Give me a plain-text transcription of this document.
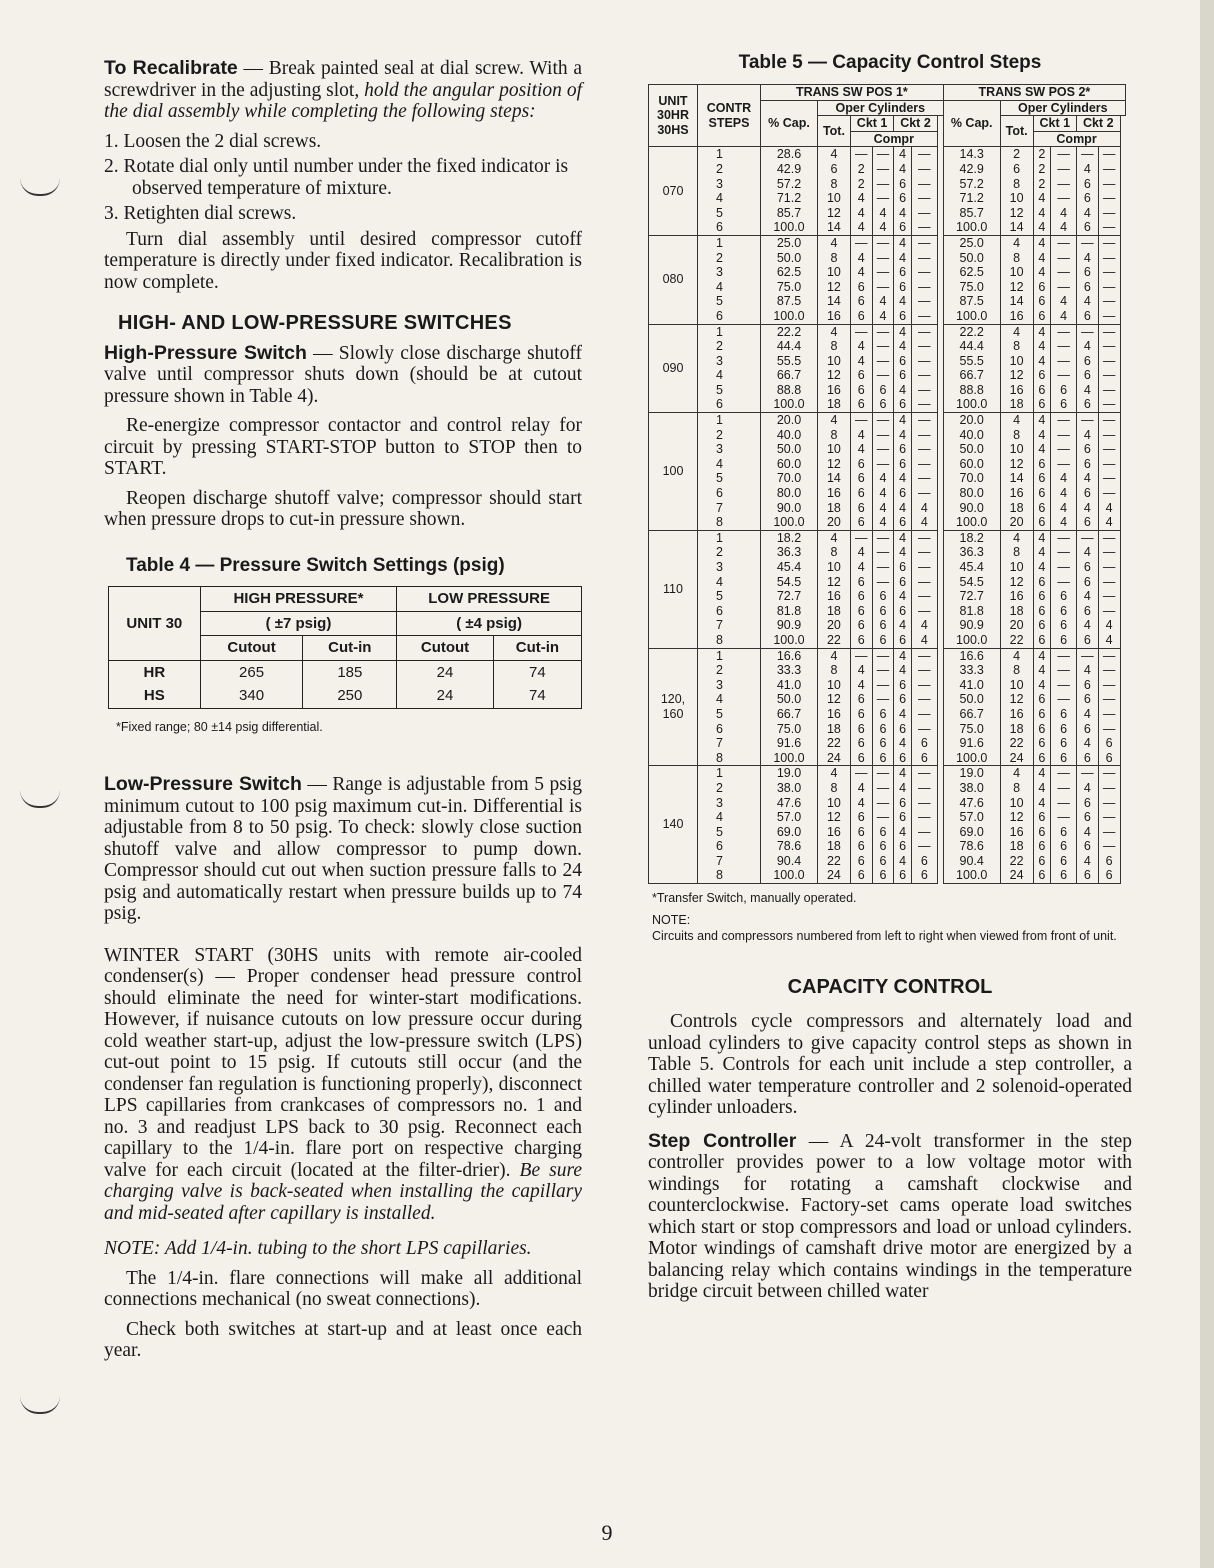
To Recalibrate — Break painted seal at dial screw. With a screwdriver in the adjusting slot, hold the angular position of the dial assembly while completing the following steps:

1. Loosen the 2 dial screws.

2. Rotate dial only until number under the fixed indicator is observed temperature of mixture.

3. Retighten dial screws.

Turn dial assembly until desired compressor cutoff temperature is directly under fixed indicator. Recalibration is now complete.

HIGH- AND LOW-PRESSURE SWITCHES

High-Pressure Switch — Slowly close discharge shutoff valve until compressor shuts down (should be at cutout pressure shown in Table 4).

Re-energize compressor contactor and control relay for circuit by pressing START-STOP button to STOP then to START.

Reopen discharge shutoff valve; compressor should start when pressure drops to cut-in pressure shown.

Table 4 — Pressure Switch Settings (psig)
UNIT 30	HIGH PRESSURE*		LOW PRESSURE	
	( ±7 psig)		( ±4 psig)	
	Cutout	Cut-in	Cutout	Cut-in
HR	265	185	24	74
HS	340	250	24	74
*Fixed range; 80 ±14 psig differential.

Low-Pressure Switch — Range is adjustable from 5 psig minimum cutout to 100 psig maximum cut-in. Differential is adjustable from 8 to 50 psig. To check: slowly close suction shutoff valve and allow compressor to pump down. Compressor should cut out when suction pressure falls to 24 psig and automatically restart when pressure builds up to 74 psig.

WINTER START (30HS units with remote air-cooled condenser(s) — Proper condenser head pressure control should eliminate the need for winter-start modifications. However, if nuisance cutouts on low pressure occur during cold weather start-up, adjust the low-pressure switch (LPS) cut-out point to 15 psig. If cutouts still occur (and the condenser fan regulation is functioning properly), disconnect LPS capillaries from crankcases of compressors no. 1 and no. 3 and readjust LPS back to 30 psig. Reconnect each capillary to the 1/4-in. flare port on respective charging valve for each circuit (located at the filter-drier). Be sure charging valve is back-seated when installing the capillary and mid-seated after capillary is installed.

NOTE: Add 1/4-in. tubing to the short LPS capillaries.

The 1/4-in. flare connections will make all additional connections mechanical (no sweat connections).

Check both switches at start-up and at least once each year.

Table 5 — Capacity Control Steps
UNIT 30HR 30HS	CONTR STEPS	TRANS SW POS 1*							TRANS SW POS 2*						
		% Cap.	Oper Cylinders						% Cap.	Oper Cylinders					
			Tot.	Ckt 1		Ckt 2				Tot.	Ckt 1		Ckt 2		
				Compr							Compr				
070	1	28.6	4	—	—	4	—		14.3	2	2	—	—	—	
	2	42.9	6	2	—	4	—		42.9	6	2	—	4	—	
	3	57.2	8	2	—	6	—		57.2	8	2	—	6	—	
	4	71.2	10	4	—	6	—		71.2	10	4	—	6	—	
	5	85.7	12	4	4	4	—		85.7	12	4	4	4	—	
	6	100.0	14	4	4	6	—		100.0	14	4	4	6	—	
080	1	25.0	4	—	—	4	—		25.0	4	4	—	—	—	
	2	50.0	8	4	—	4	—		50.0	8	4	—	4	—	
	3	62.5	10	4	—	6	—		62.5	10	4	—	6	—	
	4	75.0	12	6	—	6	—		75.0	12	6	—	6	—	
	5	87.5	14	6	4	4	—		87.5	14	6	4	4	—	
	6	100.0	16	6	4	6	—		100.0	16	6	4	6	—	
090	1	22.2	4	—	—	4	—		22.2	4	4	—	—	—	
	2	44.4	8	4	—	4	—		44.4	8	4	—	4	—	
	3	55.5	10	4	—	6	—		55.5	10	4	—	6	—	
	4	66.7	12	6	—	6	—		66.7	12	6	—	6	—	
	5	88.8	16	6	6	4	—		88.8	16	6	6	4	—	
	6	100.0	18	6	6	6	—		100.0	18	6	6	6	—	
100	1	20.0	4	—	—	4	—		20.0	4	4	—	—	—	
	2	40.0	8	4	—	4	—		40.0	8	4	—	4	—	
	3	50.0	10	4	—	6	—		50.0	10	4	—	6	—	
	4	60.0	12	6	—	6	—		60.0	12	6	—	6	—	
	5	70.0	14	6	4	4	—		70.0	14	6	4	4	—	
	6	80.0	16	6	4	6	—		80.0	16	6	4	6	—	
	7	90.0	18	6	4	4	4		90.0	18	6	4	4	4	
	8	100.0	20	6	4	6	4		100.0	20	6	4	6	4	
110	1	18.2	4	—	—	4	—		18.2	4	4	—	—	—	
	2	36.3	8	4	—	4	—		36.3	8	4	—	4	—	
	3	45.4	10	4	—	6	—		45.4	10	4	—	6	—	
	4	54.5	12	6	—	6	—		54.5	12	6	—	6	—	
	5	72.7	16	6	6	4	—		72.7	16	6	6	4	—	
	6	81.8	18	6	6	6	—		81.8	18	6	6	6	—	
	7	90.9	20	6	6	4	4		90.9	20	6	6	4	4	
	8	100.0	22	6	6	6	4		100.0	22	6	6	6	4	
120, 160	1	16.6	4	—	—	4	—		16.6	4	4	—	—	—	
	2	33.3	8	4	—	4	—		33.3	8	4	—	4	—	
	3	41.0	10	4	—	6	—		41.0	10	4	—	6	—	
	4	50.0	12	6	—	6	—		50.0	12	6	—	6	—	
	5	66.7	16	6	6	4	—		66.7	16	6	6	4	—	
	6	75.0	18	6	6	6	—		75.0	18	6	6	6	—	
	7	91.6	22	6	6	4	6		91.6	22	6	6	4	6	
	8	100.0	24	6	6	6	6		100.0	24	6	6	6	6	
140	1	19.0	4	—	—	4	—		19.0	4	4	—	—	—	
	2	38.0	8	4	—	4	—		38.0	8	4	—	4	—	
	3	47.6	10	4	—	6	—		47.6	10	4	—	6	—	
	4	57.0	12	6	—	6	—		57.0	12	6	—	6	—	
	5	69.0	16	6	6	4	—		69.0	16	6	6	4	—	
	6	78.6	18	6	6	6	—		78.6	18	6	6	6	—	
	7	90.4	22	6	6	4	6		90.4	22	6	6	4	6	
	8	100.0	24	6	6	6	6		100.0	24	6	6	6	6	
*Transfer Switch, manually operated.
NOTE:
Circuits and compressors numbered from left to right when viewed from front of unit.
CAPACITY CONTROL

Controls cycle compressors and alternately load and unload cylinders to give capacity control steps as shown in Table 5. Controls for each unit include a step controller, a chilled water temperature controller and 2 solenoid-operated cylinder unloaders.

Step Controller — A 24-volt transformer in the step controller provides power to a low voltage motor with windings for rotating a camshaft clockwise and counterclockwise. Factory-set cams operate load switches which start or stop compressors and load or unload cylinders. Motor windings of camshaft drive motor are energized by a balancing relay which contains windings in the temperature bridge circuit between chilled water

9
